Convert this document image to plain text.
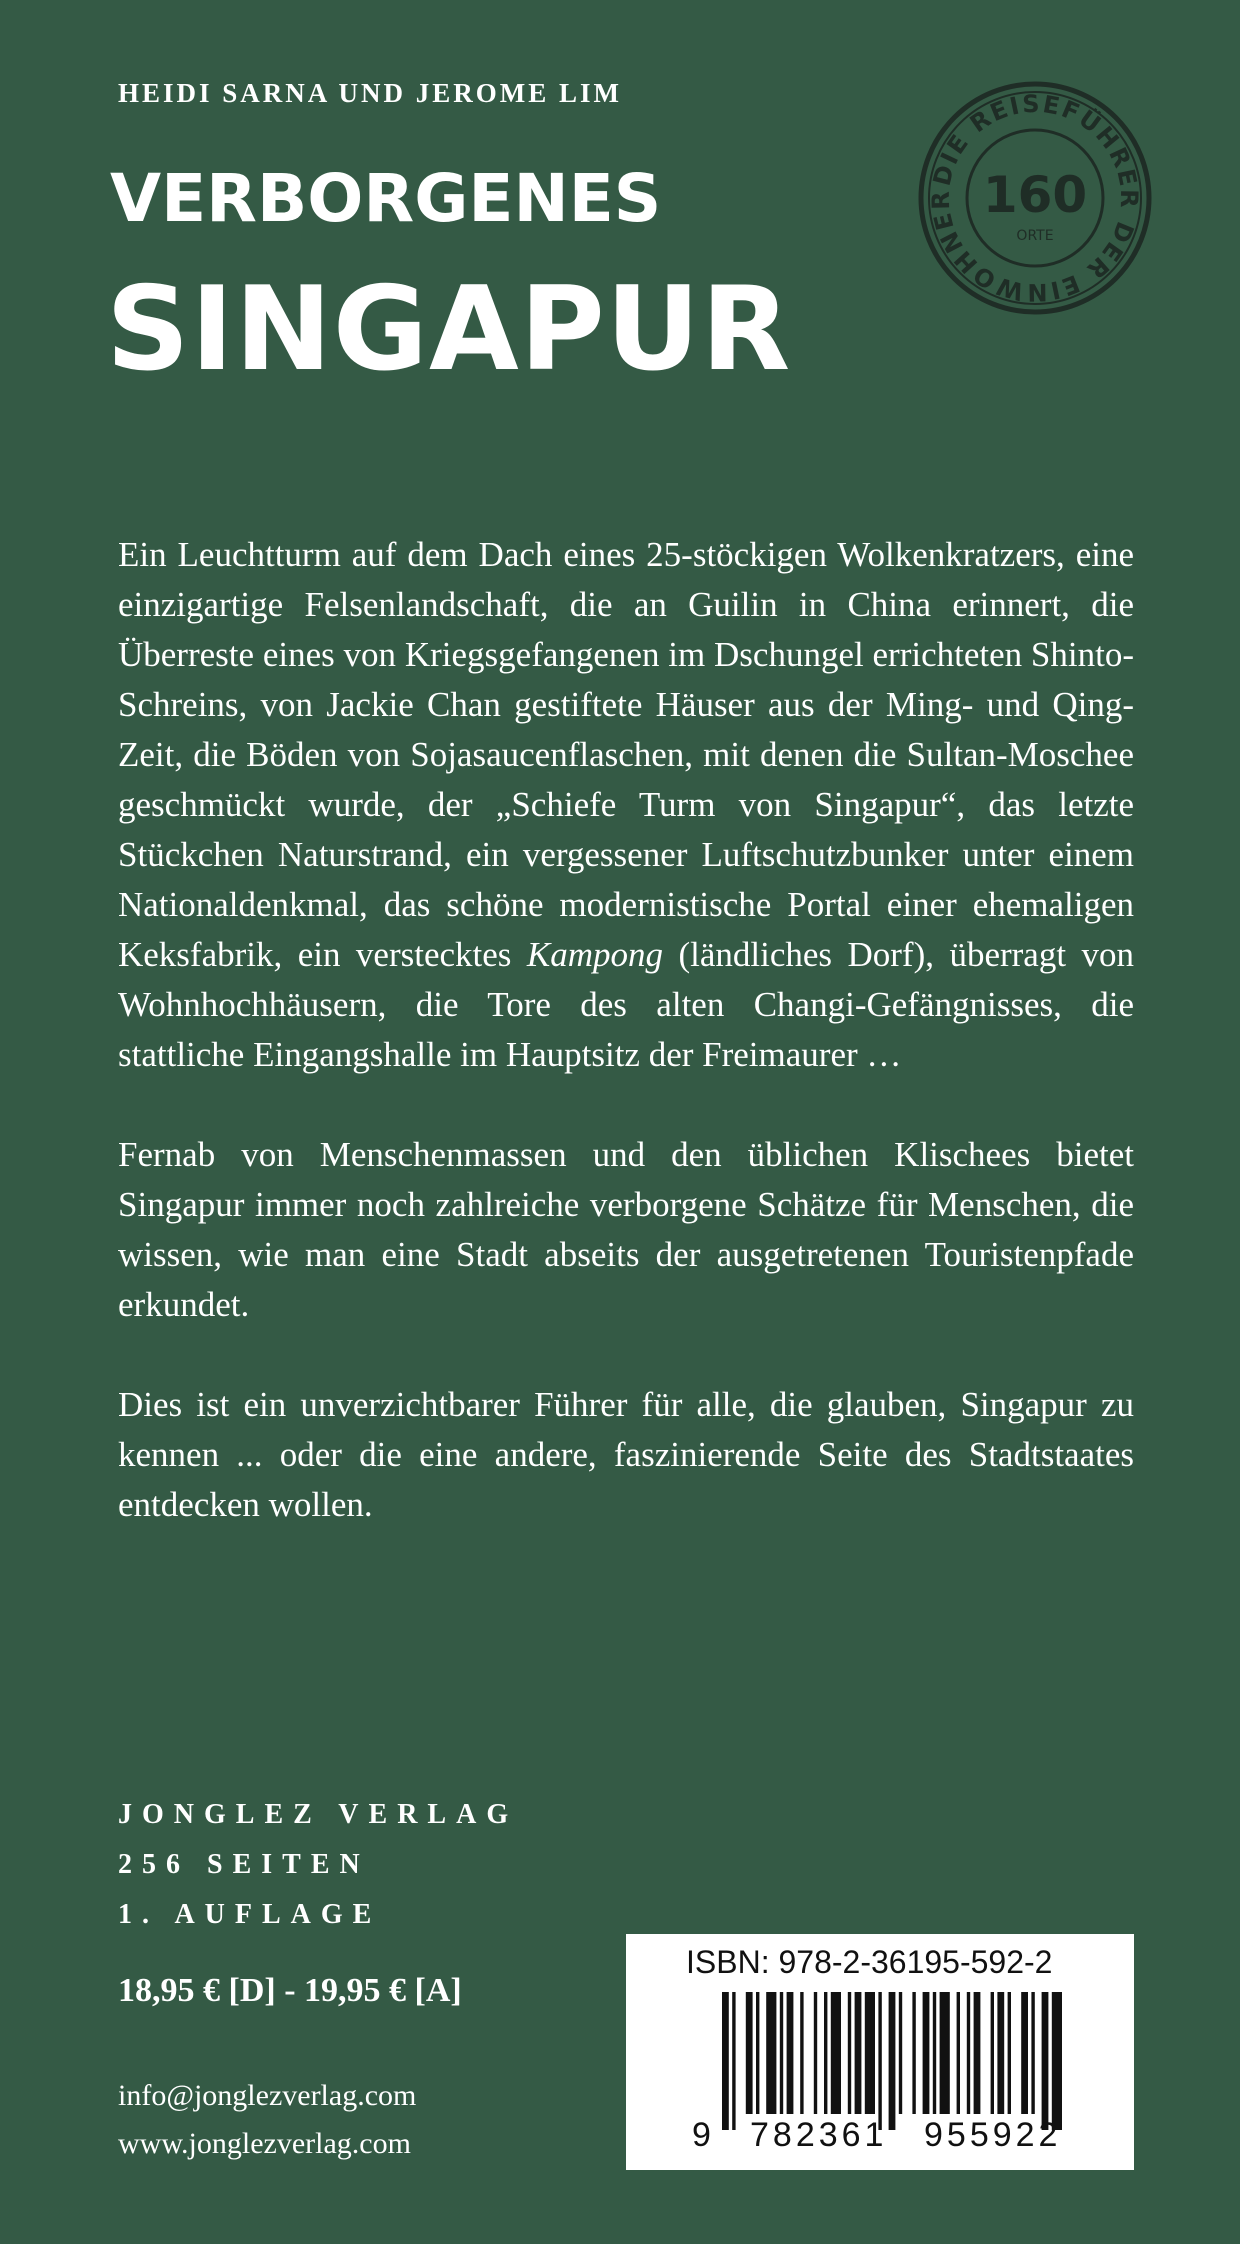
HEIDI SARNA UND JEROME LIM
VERBORGENES
SINGAPUR
DIE REISEFÜHRER DER EINWOHNER 160
ORTE

Ein Leuchtturm auf dem Dach eines 25-stöckigen Wolkenkratzers, eine einzigartige Felsenlandschaft, die an Guilin in China erinnert, die Überreste eines von Kriegsgefangenen im Dschungel errichteten Shinto-Schreins, von Jackie Chan gestiftete Häuser aus der Ming- und Qing-Zeit, die Böden von Sojasaucenflaschen, mit denen die Sultan-Moschee geschmückt wurde, der „Schiefe Turm von Singapur“, das letzte Stückchen Naturstrand, ein vergessener Luftschutzbunker unter einem Nationaldenkmal, das schöne modernistische Portal einer ehemaligen Keksfabrik, ein verstecktes Kampong (ländliches Dorf), überragt von Wohnhochhäusern, die Tore des alten Changi-Gefängnisses, die stattliche Eingangshalle im Hauptsitz der Freimaurer …

Fernab von Menschenmassen und den üblichen Klischees bietet Singapur immer noch zahlreiche verborgene Schätze für Menschen, die wissen, wie man eine Stadt abseits der ausgetretenen Touristenpfade erkundet.

Dies ist ein unverzichtbarer Führer für alle, die glauben, Singapur zu kennen ... oder die eine andere, faszinierende Seite des Stadtstaates entdecken wollen.

JONGLEZ VERLAG
256 SEITEN
1. AUFLAGE
18,95 € [D] - 19,95 € [A]
info@jonglezverlag.com
www.jonglezverlag.com
ISBN: 978-2-36195-592-2
9 782361 955922
